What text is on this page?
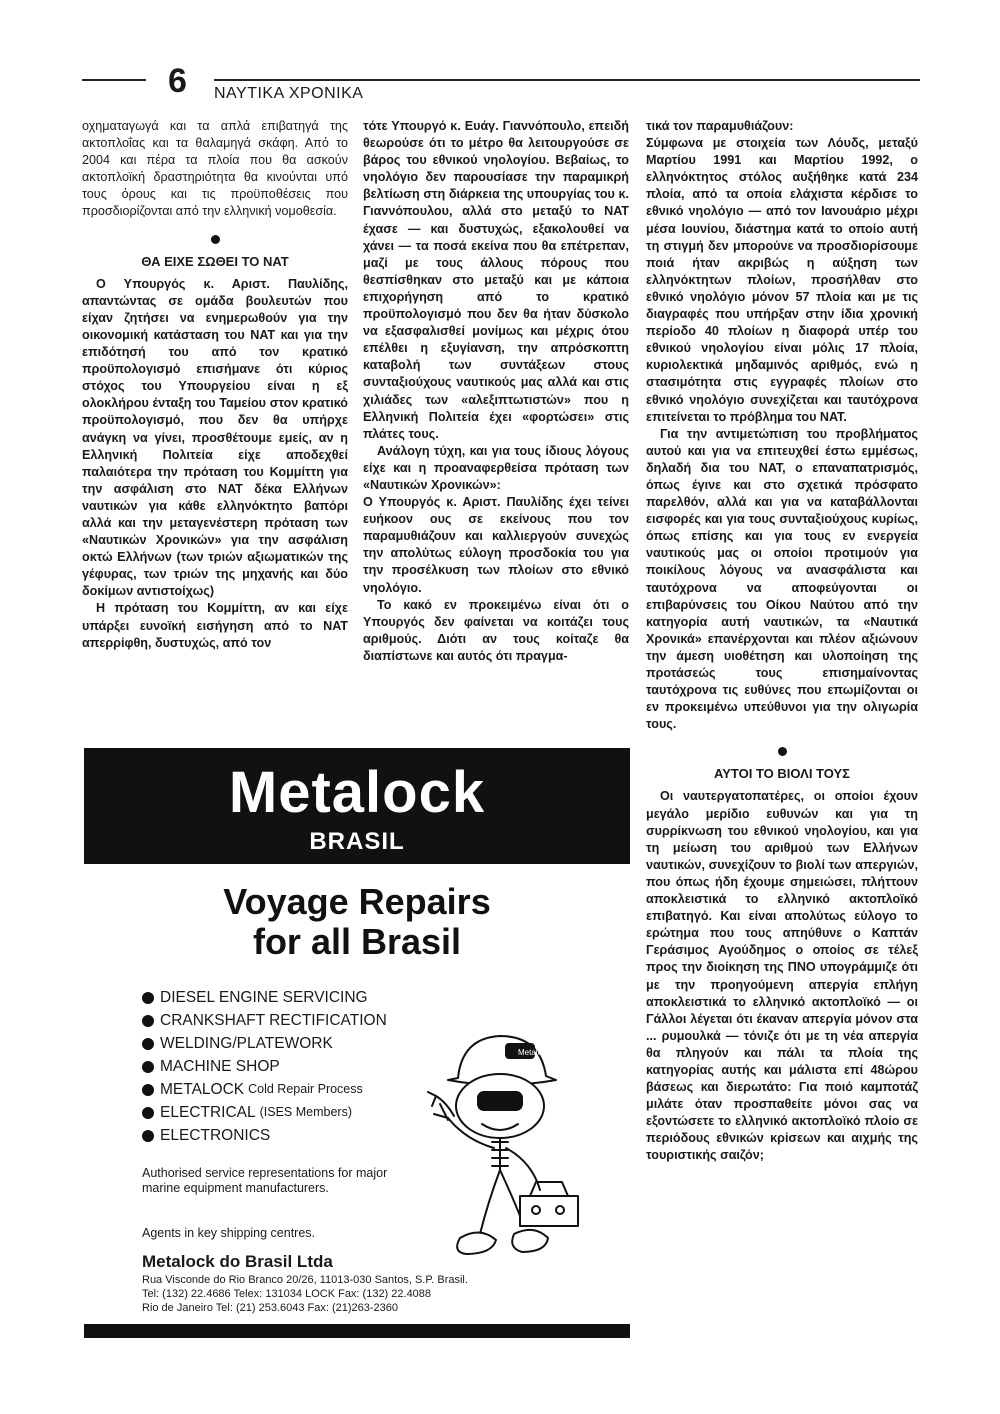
6 ΝΑΥΤΙΚΑ ΧΡΟΝΙΚΑ

οχηματαγωγά και τα απλά επιβατηγά της ακτοπλοΐας και τα θαλαμηγά σκάφη. Από το 2004 και πέρα τα πλοία που θα ασκούν ακτοπλοϊκή δραστηριότητα θα κινούνται υπό τους όρους και τις προϋποθέσεις που προσδιορίζονται από την ελληνική νομοθεσία.

ΘΑ ΕΙΧΕ ΣΩΘΕΙ ΤΟ ΝΑΤ

Ο Υπουργός κ. Αριστ. Παυλίδης, απαντώντας σε ομάδα βουλευτών που είχαν ζητήσει να ενημερωθούν για την οικονομική κατάσταση του ΝΑΤ και για την επιδότησή του από τον κρατικό προϋπολογισμό επισήμανε ότι κύριος στόχος του Υπουργείου είναι η εξ ολοκλήρου ένταξη του Ταμείου στον κρατικό προϋπολογισμό, που δεν θα υπήρχε ανάγκη να γίνει, προσθέτουμε εμείς, αν η Ελληνική Πολιτεία είχε αποδεχθεί παλαιότερα την πρόταση του Κομμίττη για την ασφάλιση στο ΝΑΤ δέκα Ελλήνων ναυτικών για κάθε ελληνόκτητο βαπόρι αλλά και την μεταγενέστερη πρόταση των «Ναυτικών Χρονικών» για την ασφάλιση οκτώ Ελλήνων (των τριών αξιωματικών της γέφυρας, των τριών της μηχανής και δύο δοκίμων αντιστοίχως)

Η πρόταση του Κομμίττη, αν και είχε υπάρξει ευνοϊκή εισήγηση από το ΝΑΤ απερρίφθη, δυστυχώς, από τον

τότε Υπουργό κ. Ευάγ. Γιαννόπουλο, επειδή θεωρούσε ότι το μέτρο θα λειτουργούσε σε βάρος του εθνικού νηολογίου. Βεβαίως, το νηολόγιο δεν παρουσίασε την παραμικρή βελτίωση στη διάρκεια της υπουργίας του κ. Γιαννόπουλου, αλλά στο μεταξύ το ΝΑΤ έχασε — και δυστυχώς, εξακολουθεί να χάνει — τα ποσά εκείνα που θα επέτρεπαν, μαζί με τους άλλους πόρους που θεσπίσθηκαν στο μεταξύ και με κάποια επιχορήγηση από το κρατικό προϋπολογισμό που δεν θα ήταν δύσκολο να εξασφαλισθεί μονίμως και μέχρις ότου επέλθει η εξυγίανση, την απρόσκοπτη καταβολή των συντάξεων στους συνταξιούχους ναυτικούς μας αλλά και στις χιλιάδες των «αλεξιπτωτιστών» που η Ελληνική Πολιτεία έχει «φορτώσει» στις πλάτες τους.

Ανάλογη τύχη, και για τους ίδιους λόγους είχε και η προαναφερθείσα πρόταση των «Ναυτικών Χρονικών»:

Ο Υπουργός κ. Αριστ. Παυλίδης έχει τείνει ευήκοον ους σε εκείνους που τον παραμυθιάζουν και καλλιεργούν συνεχώς την απολύτως εύλογη προσδοκία του για την προσέλκυση των πλοίων στο εθνικό νηολόγιο.

Το κακό εν προκειμένω είναι ότι ο Υπουργός δεν φαίνεται να κοιτάζει τους αριθμούς. Διότι αν τους κοίταζε θα διαπίστωνε και αυτός ότι πραγμα-

τικά τον παραμυθιάζουν:

Σύμφωνα με στοιχεία των Λόυδς, μεταξύ Μαρτίου 1991 και Μαρτίου 1992, ο ελληνόκτητος στόλος αυξήθηκε κατά 234 πλοία, από τα οποία ελάχιστα κέρδισε το εθνικό νηολόγιο — από τον Ιανουάριο μέχρι μέσα Ιουνίου, διάστημα κατά το οποίο αυτή τη στιγμή δεν μπορούνε να προσδιορίσουμε ποιά ήταν ακριβώς η αύξηση των ελληνόκτητων πλοίων, προσήλθαν στο εθνικό νηολόγιο μόνον 57 πλοία και με τις διαγραφές που υπήρξαν στην ίδια χρονική περίοδο 40 πλοίων η διαφορά υπέρ του εθνικού νηολογίου είναι μόλις 17 πλοία, κυριολεκτικά μηδαμινός αριθμός, ενώ η στασιμότητα στις εγγραφές πλοίων στο εθνικό νηολόγιο συνεχίζεται και ταυτόχρονα επιτείνεται το πρόβλημα του ΝΑΤ.

Για την αντιμετώπιση του προβλήματος αυτού και για να επιτευχθεί έστω εμμέσως, δηλαδή δια του ΝΑΤ, ο επαναπατρισμός, όπως έγινε και στο σχετικά πρόσφατο παρελθόν, αλλά και για να καταβάλλονται εισφορές και για τους συνταξιούχους κυρίως, όπως επίσης και για τους εν ενεργεία ναυτικούς μας οι οποίοι προτιμούν για ποικίλους λόγους να ανασφάλιστα και ταυτόχρονα να αποφεύγονται οι επιβαρύνσεις του Οίκου Ναύτου από την κατηγορία αυτή ναυτικών, τα «Ναυτικά Χρονικά» επανέρχονται και πλέον αξιώνουν την άμεση υιοθέτηση και υλοποίηση της προτάσεώς τους επισημαίνοντας ταυτόχρονα τις ευθύνες που επωμίζονται οι εν προκειμένω υπεύθυνοι για την ολιγωρία τους.

ΑΥΤΟΙ ΤΟ ΒΙΟΛΙ ΤΟΥΣ

Οι ναυτεργατοπατέρες, οι οποίοι έχουν μεγάλο μερίδιο ευθυνών και για τη συρρίκνωση του εθνικού νηολογίου, και για τη μείωση του αριθμού των Ελλήνων ναυτικών, συνεχίζουν το βιολί των απεργιών, που όπως ήδη έχουμε σημειώσει, πλήττουν αποκλειστικά το ελληνικό ακτοπλοϊκό επιβατηγό. Και είναι απολύτως εύλογο το ερώτημα που τους απηύθυνε ο Καπτάν Γεράσιμος Αγούδημος ο οποίος σε τέλεξ προς την διοίκηση της ΠΝΟ υπογράμμιζε ότι με την προηγούμενη απεργία επλήγη αποκλειστικά το ελληνικό ακτοπλοϊκό — οι Γάλλοι λέγεται ότι έκαναν απεργία μόνον στα ... ρυμουλκά — τόνιζε ότι με τη νέα απεργία θα πληγούν και πάλι τα πλοία της κατηγορίας αυτής και μάλιστα επί 48ώρου βάσεως και διερωτάτο: Για ποιό καμποτάζ μιλάτε όταν προσπαθείτε μόνοι σας να εξοντώσετε το ελληνικό ακτοπλοϊκό πλοίο σε περιόδους εθνικών κρίσεων και αιχμής της τουριστικής σαιζόν;

Metalock
BRASIL
Voyage Repairs
for all Brasil
DIESEL ENGINE SERVICING
CRANKSHAFT RECTIFICATION
WELDING/PLATEWORK
MACHINE SHOP
METALOCK Cold Repair Process
ELECTRICAL (ISES Members)
ELECTRONICS
Metalock
Authorised service representations for major marine equipment manufacturers.
Agents in key shipping centres.
Metalock do Brasil Ltda
Rua Visconde do Rio Branco 20/26, 11013-030 Santos, S.P. Brasil.
Tel: (132) 22.4686 Telex: 131034 LOCK Fax: (132) 22.4088
Rio de Janeiro Tel: (21) 253.6043 Fax: (21)263-2360
